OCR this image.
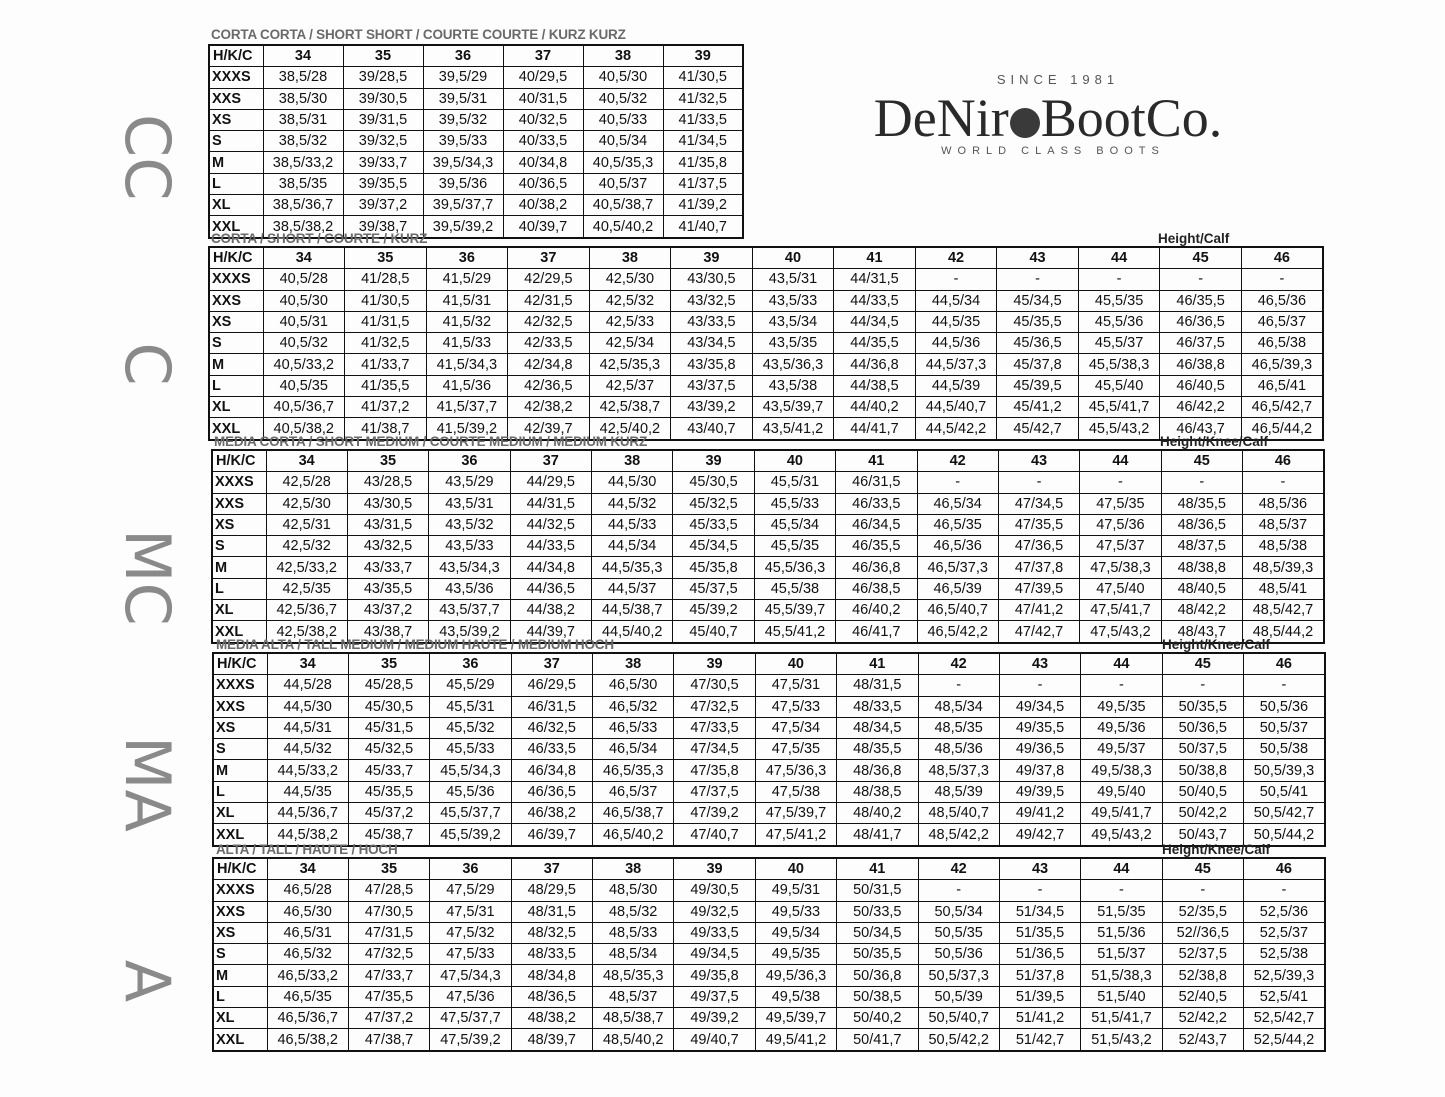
SINCE 1981
DeNir BootCo.
WORLD CLASS BOOTS
CC
C
MC
MA
A
CORTA CORTA / SHORT SHORT / COURTE COURTE / KURZ KURZ
H/K/C	34	35	36	37	38	39
XXXS	38,5/28	39/28,5	39,5/29	40/29,5	40,5/30	41/30,5
XXS	38,5/30	39/30,5	39,5/31	40/31,5	40,5/32	41/32,5
XS	38,5/31	39/31,5	39,5/32	40/32,5	40,5/33	41/33,5
S	38,5/32	39/32,5	39,5/33	40/33,5	40,5/34	41/34,5
M	38,5/33,2	39/33,7	39,5/34,3	40/34,8	40,5/35,3	41/35,8
L	38,5/35	39/35,5	39,5/36	40/36,5	40,5/37	41/37,5
XL	38,5/36,7	39/37,2	39,5/37,7	40/38,2	40,5/38,7	41/39,2
XXL	38,5/38,2	39/38,7	39,5/39,2	40/39,7	40,5/40,2	41/40,7
CORTA / SHORT / COURTE / KURZ	Height/Calf
H/K/C	34	35	36	37	38	39	40	41	42	43	44	45	46
XXXS	40,5/28	41/28,5	41,5/29	42/29,5	42,5/30	43/30,5	43,5/31	44/31,5	-	-	-	-	-
XXS	40,5/30	41/30,5	41,5/31	42/31,5	42,5/32	43/32,5	43,5/33	44/33,5	44,5/34	45/34,5	45,5/35	46/35,5	46,5/36
XS	40,5/31	41/31,5	41,5/32	42/32,5	42,5/33	43/33,5	43,5/34	44/34,5	44,5/35	45/35,5	45,5/36	46/36,5	46,5/37
S	40,5/32	41/32,5	41,5/33	42/33,5	42,5/34	43/34,5	43,5/35	44/35,5	44,5/36	45/36,5	45,5/37	46/37,5	46,5/38
M	40,5/33,2	41/33,7	41,5/34,3	42/34,8	42,5/35,3	43/35,8	43,5/36,3	44/36,8	44,5/37,3	45/37,8	45,5/38,3	46/38,8	46,5/39,3
L	40,5/35	41/35,5	41,5/36	42/36,5	42,5/37	43/37,5	43,5/38	44/38,5	44,5/39	45/39,5	45,5/40	46/40,5	46,5/41
XL	40,5/36,7	41/37,2	41,5/37,7	42/38,2	42,5/38,7	43/39,2	43,5/39,7	44/40,2	44,5/40,7	45/41,2	45,5/41,7	46/42,2	46,5/42,7
XXL	40,5/38,2	41/38,7	41,5/39,2	42/39,7	42,5/40,2	43/40,7	43,5/41,2	44/41,7	44,5/42,2	45/42,7	45,5/43,2	46/43,7	46,5/44,2
MEDIA CORTA / SHORT MEDIUM / COURTE MEDIUM / MEDIUM KURZ	Height/Knee/Calf
H/K/C	34	35	36	37	38	39	40	41	42	43	44	45	46
XXXS	42,5/28	43/28,5	43,5/29	44/29,5	44,5/30	45/30,5	45,5/31	46/31,5	-	-	-	-	-
XXS	42,5/30	43/30,5	43,5/31	44/31,5	44,5/32	45/32,5	45,5/33	46/33,5	46,5/34	47/34,5	47,5/35	48/35,5	48,5/36
XS	42,5/31	43/31,5	43,5/32	44/32,5	44,5/33	45/33,5	45,5/34	46/34,5	46,5/35	47/35,5	47,5/36	48/36,5	48,5/37
S	42,5/32	43/32,5	43,5/33	44/33,5	44,5/34	45/34,5	45,5/35	46/35,5	46,5/36	47/36,5	47,5/37	48/37,5	48,5/38
M	42,5/33,2	43/33,7	43,5/34,3	44/34,8	44,5/35,3	45/35,8	45,5/36,3	46/36,8	46,5/37,3	47/37,8	47,5/38,3	48/38,8	48,5/39,3
L	42,5/35	43/35,5	43,5/36	44/36,5	44,5/37	45/37,5	45,5/38	46/38,5	46,5/39	47/39,5	47,5/40	48/40,5	48,5/41
XL	42,5/36,7	43/37,2	43,5/37,7	44/38,2	44,5/38,7	45/39,2	45,5/39,7	46/40,2	46,5/40,7	47/41,2	47,5/41,7	48/42,2	48,5/42,7
XXL	42,5/38,2	43/38,7	43,5/39,2	44/39,7	44,5/40,2	45/40,7	45,5/41,2	46/41,7	46,5/42,2	47/42,7	47,5/43,2	48/43,7	48,5/44,2
MEDIA ALTA / TALL MEDIUM / MEDIUM HAUTE / MEDIUM HOCH	Height/Knee/Calf
H/K/C	34	35	36	37	38	39	40	41	42	43	44	45	46
XXXS	44,5/28	45/28,5	45,5/29	46/29,5	46,5/30	47/30,5	47,5/31	48/31,5	-	-	-	-	-
XXS	44,5/30	45/30,5	45,5/31	46/31,5	46,5/32	47/32,5	47,5/33	48/33,5	48,5/34	49/34,5	49,5/35	50/35,5	50,5/36
XS	44,5/31	45/31,5	45,5/32	46/32,5	46,5/33	47/33,5	47,5/34	48/34,5	48,5/35	49/35,5	49,5/36	50/36,5	50,5/37
S	44,5/32	45/32,5	45,5/33	46/33,5	46,5/34	47/34,5	47,5/35	48/35,5	48,5/36	49/36,5	49,5/37	50/37,5	50,5/38
M	44,5/33,2	45/33,7	45,5/34,3	46/34,8	46,5/35,3	47/35,8	47,5/36,3	48/36,8	48,5/37,3	49/37,8	49,5/38,3	50/38,8	50,5/39,3
L	44,5/35	45/35,5	45,5/36	46/36,5	46,5/37	47/37,5	47,5/38	48/38,5	48,5/39	49/39,5	49,5/40	50/40,5	50,5/41
XL	44,5/36,7	45/37,2	45,5/37,7	46/38,2	46,5/38,7	47/39,2	47,5/39,7	48/40,2	48,5/40,7	49/41,2	49,5/41,7	50/42,2	50,5/42,7
XXL	44,5/38,2	45/38,7	45,5/39,2	46/39,7	46,5/40,2	47/40,7	47,5/41,2	48/41,7	48,5/42,2	49/42,7	49,5/43,2	50/43,7	50,5/44,2
ALTA / TALL / HAUTE / HOCH	Height/Knee/Calf
H/K/C	34	35	36	37	38	39	40	41	42	43	44	45	46
XXXS	46,5/28	47/28,5	47,5/29	48/29,5	48,5/30	49/30,5	49,5/31	50/31,5	-	-	-	-	-
XXS	46,5/30	47/30,5	47,5/31	48/31,5	48,5/32	49/32,5	49,5/33	50/33,5	50,5/34	51/34,5	51,5/35	52/35,5	52,5/36
XS	46,5/31	47/31,5	47,5/32	48/32,5	48,5/33	49/33,5	49,5/34	50/34,5	50,5/35	51/35,5	51,5/36	52//36,5	52,5/37
S	46,5/32	47/32,5	47,5/33	48/33,5	48,5/34	49/34,5	49,5/35	50/35,5	50,5/36	51/36,5	51,5/37	52/37,5	52,5/38
M	46,5/33,2	47/33,7	47,5/34,3	48/34,8	48,5/35,3	49/35,8	49,5/36,3	50/36,8	50,5/37,3	51/37,8	51,5/38,3	52/38,8	52,5/39,3
L	46,5/35	47/35,5	47,5/36	48/36,5	48,5/37	49/37,5	49,5/38	50/38,5	50,5/39	51/39,5	51,5/40	52/40,5	52,5/41
XL	46,5/36,7	47/37,2	47,5/37,7	48/38,2	48,5/38,7	49/39,2	49,5/39,7	50/40,2	50,5/40,7	51/41,2	51,5/41,7	52/42,2	52,5/42,7
XXL	46,5/38,2	47/38,7	47,5/39,2	48/39,7	48,5/40,2	49/40,7	49,5/41,2	50/41,7	50,5/42,2	51/42,7	51,5/43,2	52/43,7	52,5/44,2
